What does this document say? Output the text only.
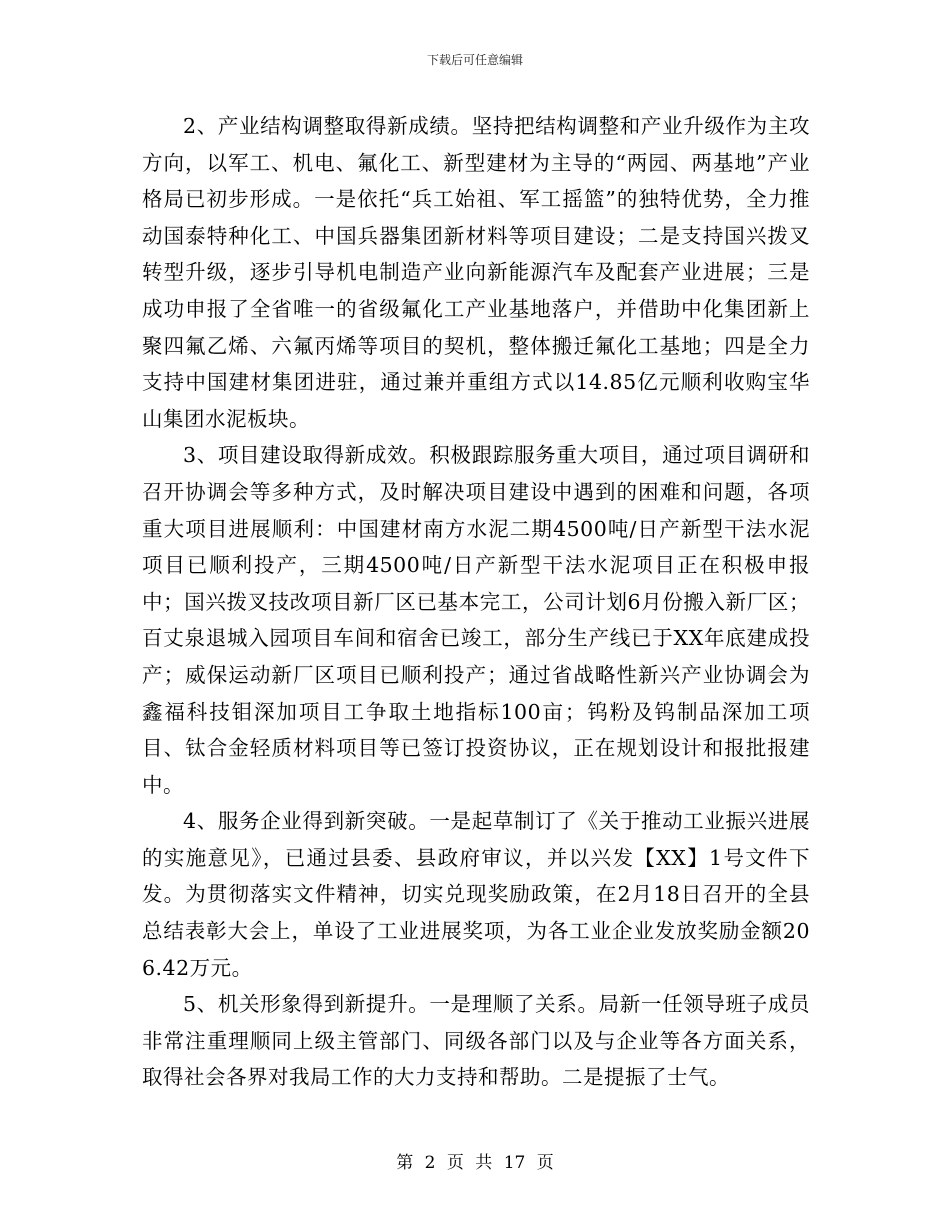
下载后可任意编辑

2、产业结构调整取得新成绩。坚持把结构调整和产业升级作为主攻方向，以军工、机电、氟化工、新型建材为主导的“两园、两基地”产业格局已初步形成。一是依托“兵工始祖、军工摇篮”的独特优势，全力推动国泰特种化工、中国兵器集团新材料等项目建设；二是支持国兴拨叉转型升级，逐步引导机电制造产业向新能源汽车及配套产业进展；三是成功申报了全省唯一的省级氟化工产业基地落户，并借助中化集团新上聚四氟乙烯、六氟丙烯等项目的契机，整体搬迁氟化工基地；四是全力支持中国建材集团进驻，通过兼并重组方式以14.85亿元顺利收购宝华山集团水泥板块。

3、项目建设取得新成效。积极跟踪服务重大项目，通过项目调研和召开协调会等多种方式，及时解决项目建设中遇到的困难和问题，各项重大项目进展顺利：中国建材南方水泥二期4500吨/日产新型干法水泥项目已顺利投产，三期4500吨/日产新型干法水泥项目正在积极申报中；国兴拨叉技改项目新厂区已基本完工，公司计划6月份搬入新厂区；百丈泉退城入园项目车间和宿舍已竣工，部分生产线已于XX年底建成投产；威保运动新厂区项目已顺利投产；通过省战略性新兴产业协调会为鑫福科技钼深加项目工争取土地指标100亩；钨粉及钨制品深加工项目、钛合金轻质材料项目等已签订投资协议，正在规划设计和报批报建中。

4、服务企业得到新突破。一是起草制订了《关于推动工业振兴进展的实施意见》，已通过县委、县政府审议，并以兴发【XX】1号文件下发。为贯彻落实文件精神，切实兑现奖励政策，在2月18日召开的全县总结表彰大会上，单设了工业进展奖项，为各工业企业发放奖励金额206.42万元。

5、机关形象得到新提升。一是理顺了关系。局新一任领导班子成员非常注重理顺同上级主管部门、同级各部门以及与企业等各方面关系，取得社会各界对我局工作的大力支持和帮助。二是提振了士气。

第 2 页 共 17 页
